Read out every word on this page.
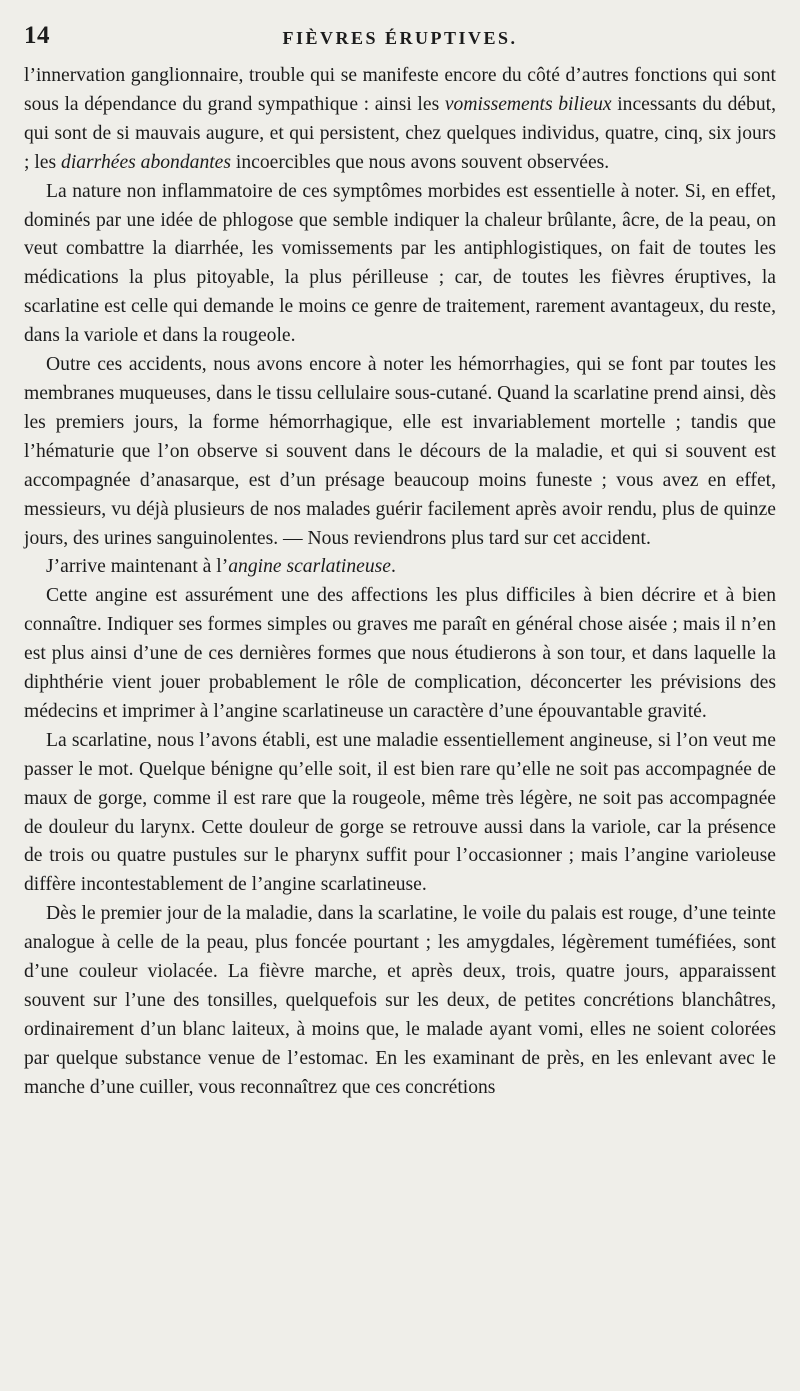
14	FIÈVRES ÉRUPTIVES.

l’innervation ganglionnaire, trouble qui se manifeste encore du côté d’autres fonctions qui sont sous la dépendance du grand sympathique : ainsi les vomissements bilieux incessants du début, qui sont de si mauvais augure, et qui persistent, chez quelques individus, quatre, cinq, six jours ; les diarrhées abondantes incoercibles que nous avons souvent observées.

La nature non inflammatoire de ces symptômes morbides est essentielle à noter. Si, en effet, dominés par une idée de phlogose que semble indiquer la chaleur brûlante, âcre, de la peau, on veut combattre la diarrhée, les vomissements par les antiphlogistiques, on fait de toutes les médications la plus pitoyable, la plus périlleuse ; car, de toutes les fièvres éruptives, la scarlatine est celle qui demande le moins ce genre de traitement, rarement avantageux, du reste, dans la variole et dans la rougeole.

Outre ces accidents, nous avons encore à noter les hémorrhagies, qui se font par toutes les membranes muqueuses, dans le tissu cellulaire sous-cutané. Quand la scarlatine prend ainsi, dès les premiers jours, la forme hémorrhagique, elle est invariablement mortelle ; tandis que l’hématurie que l’on observe si souvent dans le décours de la maladie, et qui si souvent est accompagnée d’anasarque, est d’un présage beaucoup moins funeste ; vous avez en effet, messieurs, vu déjà plusieurs de nos malades guérir facilement après avoir rendu, plus de quinze jours, des urines sanguinolentes. — Nous reviendrons plus tard sur cet accident.

J’arrive maintenant à l’angine scarlatineuse.

Cette angine est assurément une des affections les plus difficiles à bien décrire et à bien connaître. Indiquer ses formes simples ou graves me paraît en général chose aisée ; mais il n’en est plus ainsi d’une de ces dernières formes que nous étudierons à son tour, et dans laquelle la diphthérie vient jouer probablement le rôle de complication, déconcerter les prévisions des médecins et imprimer à l’angine scarlatineuse un caractère d’une épouvantable gravité.

La scarlatine, nous l’avons établi, est une maladie essentiellement angineuse, si l’on veut me passer le mot. Quelque bénigne qu’elle soit, il est bien rare qu’elle ne soit pas accompagnée de maux de gorge, comme il est rare que la rougeole, même très légère, ne soit pas accompagnée de douleur du larynx. Cette douleur de gorge se retrouve aussi dans la variole, car la présence de trois ou quatre pustules sur le pharynx suffit pour l’occasionner ; mais l’angine varioleuse diffère incontestablement de l’angine scarlatineuse.

Dès le premier jour de la maladie, dans la scarlatine, le voile du palais est rouge, d’une teinte analogue à celle de la peau, plus foncée pourtant ; les amygdales, légèrement tuméfiées, sont d’une couleur violacée. La fièvre marche, et après deux, trois, quatre jours, apparaissent souvent sur l’une des tonsilles, quelquefois sur les deux, de petites concrétions blanchâtres, ordinairement d’un blanc laiteux, à moins que, le malade ayant vomi, elles ne soient colorées par quelque substance venue de l’estomac. En les examinant de près, en les enlevant avec le manche d’une cuiller, vous reconnaîtrez que ces concrétions
